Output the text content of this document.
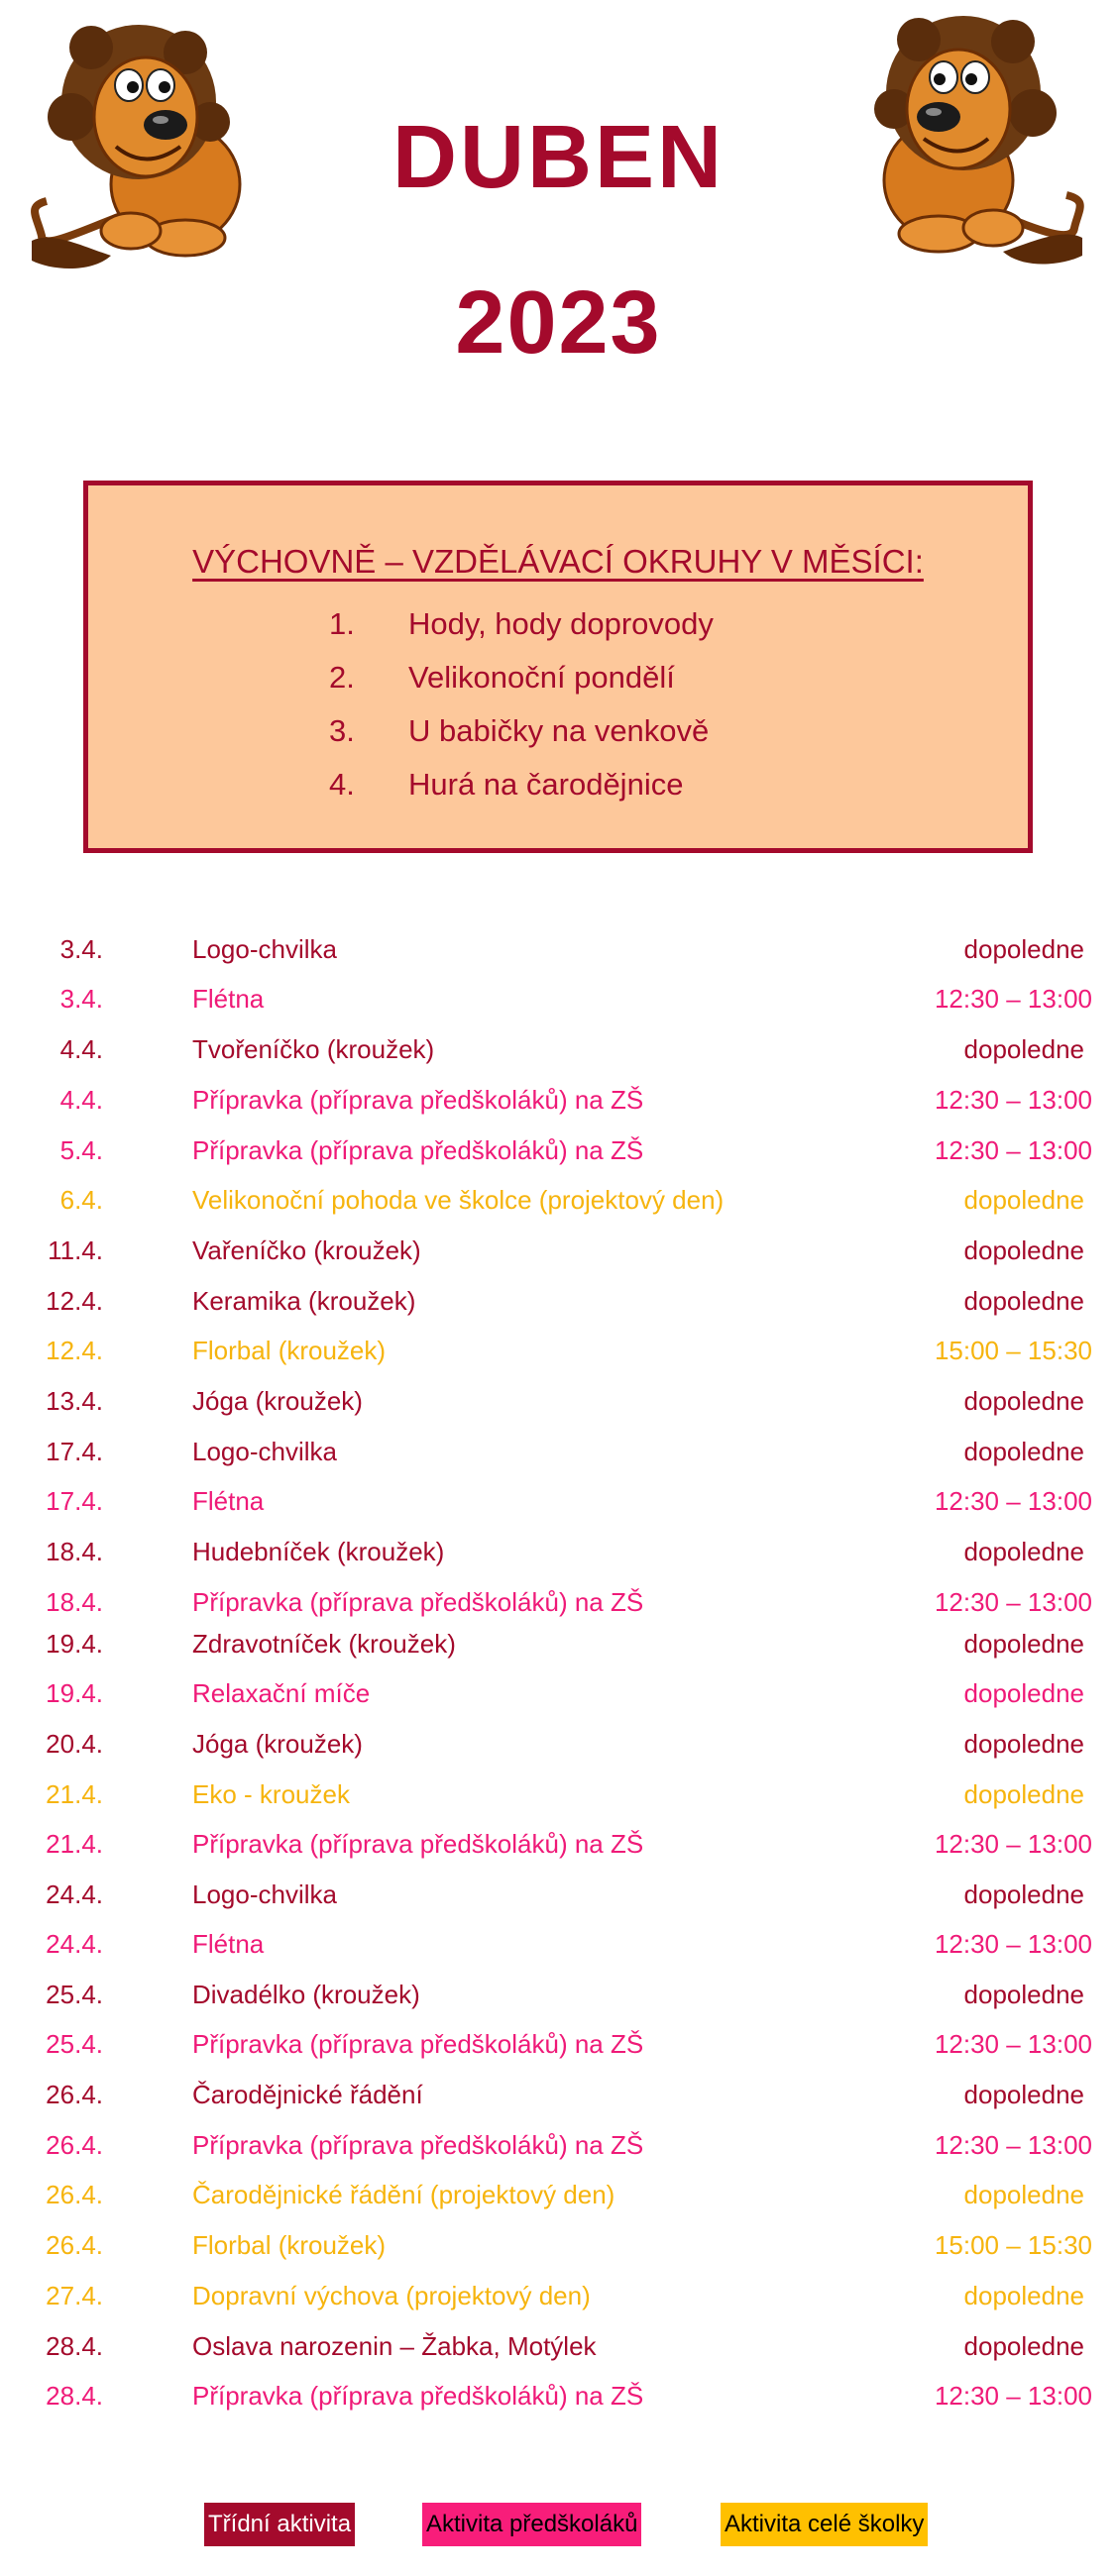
DUBEN
2023
VÝCHOVNĚ – VZDĚLÁVACÍ OKRUHY V MĚSÍCI:
1.	Hody, hody doprovody
2.	Velikonoční pondělí
3.	U babičky na venkově
4.	Hurá na čarodějnice
3.4.	Logo-chvilka	dopoledne
3.4.	Flétna	12:30 – 13:00
4.4.	Tvořeníčko (kroužek)	dopoledne
4.4.	Přípravka (příprava předškoláků) na ZŠ	12:30 – 13:00
5.4.	Přípravka (příprava předškoláků) na ZŠ	12:30 – 13:00
6.4.	Velikonoční pohoda ve školce (projektový den)	dopoledne
11.4.	Vařeníčko (kroužek)	dopoledne
12.4.	Keramika (kroužek)	dopoledne
12.4.	Florbal (kroužek)	15:00 – 15:30
13.4.	Jóga (kroužek)	dopoledne
17.4.	Logo-chvilka	dopoledne
17.4.	Flétna	12:30 – 13:00
18.4.	Hudebníček (kroužek)	dopoledne
18.4.	Přípravka (příprava předškoláků) na ZŠ	12:30 – 13:00
19.4.	Zdravotníček (kroužek)	dopoledne
19.4.	Relaxační míče	dopoledne
20.4.	Jóga (kroužek)	dopoledne
21.4.	Eko - kroužek	dopoledne
21.4.	Přípravka (příprava předškoláků) na ZŠ	12:30 – 13:00
24.4.	Logo-chvilka	dopoledne
24.4.	Flétna	12:30 – 13:00
25.4.	Divadélko (kroužek)	dopoledne
25.4.	Přípravka (příprava předškoláků) na ZŠ	12:30 – 13:00
26.4.	Čarodějnické řádění	dopoledne
26.4.	Přípravka (příprava předškoláků) na ZŠ	12:30 – 13:00
26.4.	Čarodějnické řádění (projektový den)	dopoledne
26.4.	Florbal (kroužek)	15:00 – 15:30
27.4.	Dopravní výchova (projektový den)	dopoledne
28.4.	Oslava narozenin – Žabka, Motýlek	dopoledne
28.4.	Přípravka (příprava předškoláků) na ZŠ	12:30 – 13:00
Třídní aktivita	Aktivita předškoláků	Aktivita celé školky
